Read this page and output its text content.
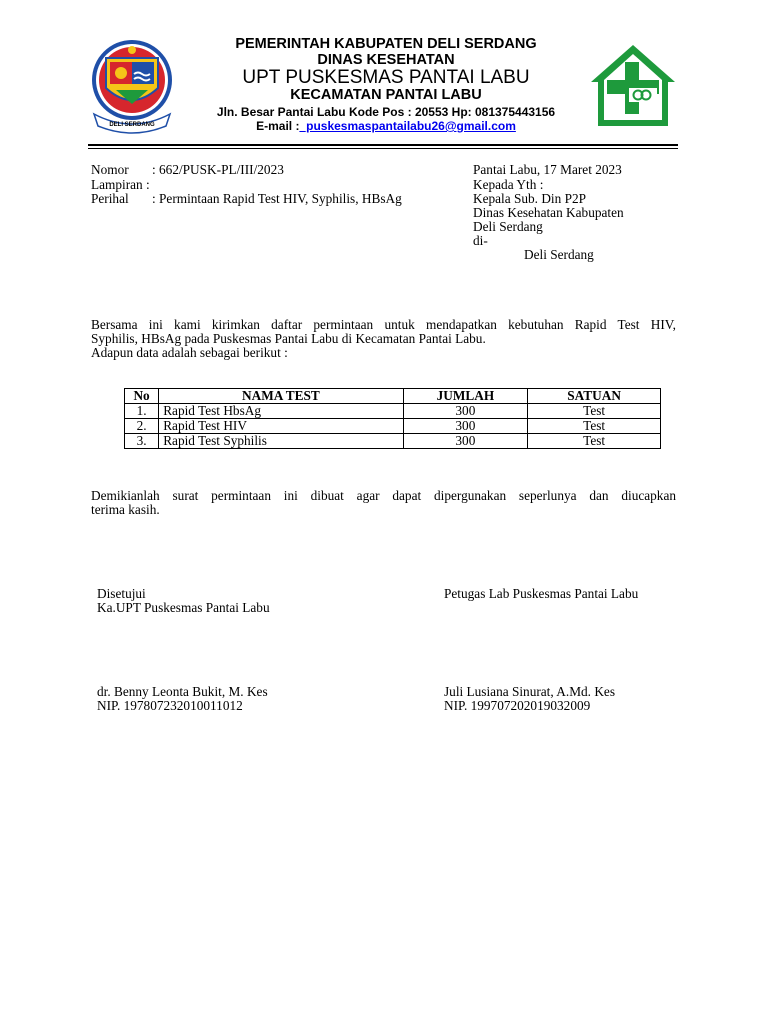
DELI SERDANG
PEMERINTAH KABUPATEN DELI SERDANG
DINAS KESEHATAN
UPT PUSKESMAS PANTAI LABU
KECAMATAN PANTAI LABU
Jln. Besar Pantai Labu Kode Pos : 20553 Hp: 081375443156
E-mail :_puskesmaspantailabu26@gmail.com
Nomor : 662/PUSK-PL/III/2023
Lampiran :
Perihal : Permintaan Rapid Test HIV, Syphilis, HBsAg
Pantai Labu, 17 Maret 2023
Kepada Yth :
Kepala Sub. Din P2P
Dinas Kesehatan Kabupaten
Deli Serdang
di-
Deli Serdang
Bersama ini kami kirimkan daftar permintaan untuk mendapatkan kebutuhan Rapid Test HIV,
Syphilis, HBsAg pada Puskesmas Pantai Labu di Kecamatan Pantai Labu.
Adapun data adalah sebagai berikut :
No	NAMA TEST	JUMLAH	SATUAN
1.	Rapid Test HbsAg	300	Test
2.	Rapid Test HIV	300	Test
3.	Rapid Test Syphilis	300	Test
Demikianlah surat permintaan ini dibuat agar dapat dipergunakan seperlunya dan diucapkan
terima kasih.
Disetujui
Ka.UPT Puskesmas Pantai Labu
dr. Benny Leonta Bukit, M. Kes
NIP. 197807232010011012
Petugas Lab Puskesmas Pantai Labu
Juli Lusiana Sinurat, A.Md. Kes
NIP. 199707202019032009
